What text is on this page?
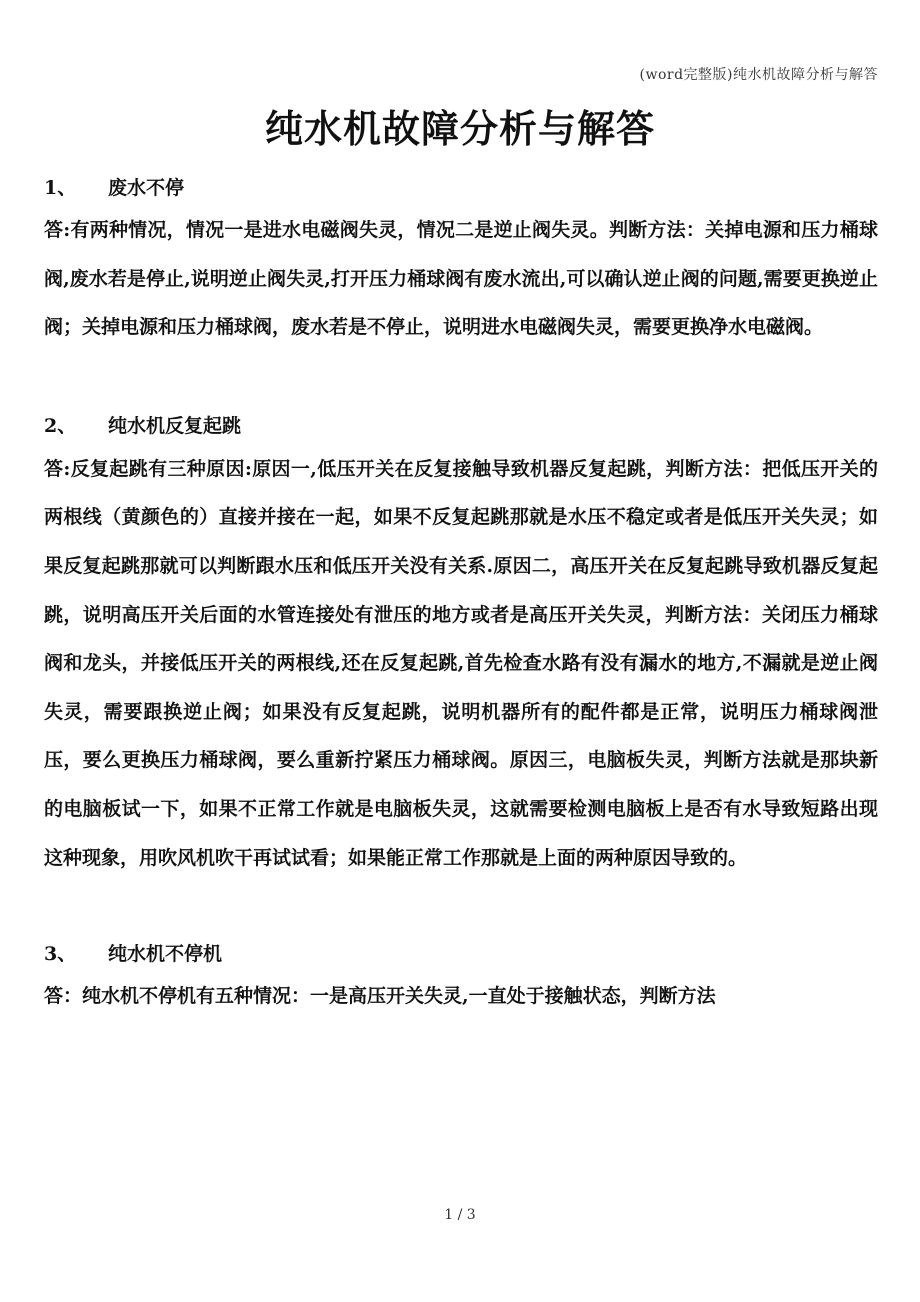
(word完整版)纯水机故障分析与解答
纯水机故障分析与解答
1、	废水不停

答:有两种情况，情况一是进水电磁阀失灵，情况二是逆止阀失灵。判断方法：关掉电源和压力桶球阀,废水若是停止,说明逆止阀失灵,打开压力桶球阀有废水流出,可以确认逆止阀的问题,需要更换逆止阀；关掉电源和压力桶球阀，废水若是不停止，说明进水电磁阀失灵，需要更换净水电磁阀。

2、	纯水机反复起跳

答:反复起跳有三种原因:原因一,低压开关在反复接触导致机器反复起跳，判断方法：把低压开关的两根线（黄颜色的）直接并接在一起，如果不反复起跳那就是水压不稳定或者是低压开关失灵；如果反复起跳那就可以判断跟水压和低压开关没有关系.原因二，高压开关在反复起跳导致机器反复起跳，说明高压开关后面的水管连接处有泄压的地方或者是高压开关失灵，判断方法：关闭压力桶球阀和龙头，并接低压开关的两根线,还在反复起跳,首先检查水路有没有漏水的地方,不漏就是逆止阀失灵，需要跟换逆止阀；如果没有反复起跳，说明机器所有的配件都是正常，说明压力桶球阀泄压，要么更换压力桶球阀，要么重新拧紧压力桶球阀。原因三，电脑板失灵，判断方法就是那块新的电脑板试一下，如果不正常工作就是电脑板失灵，这就需要检测电脑板上是否有水导致短路出现这种现象，用吹风机吹干再试试看；如果能正常工作那就是上面的两种原因导致的。

3、	纯水机不停机

答：纯水机不停机有五种情况：一是高压开关失灵,一直处于接触状态，判断方法

1 / 3
